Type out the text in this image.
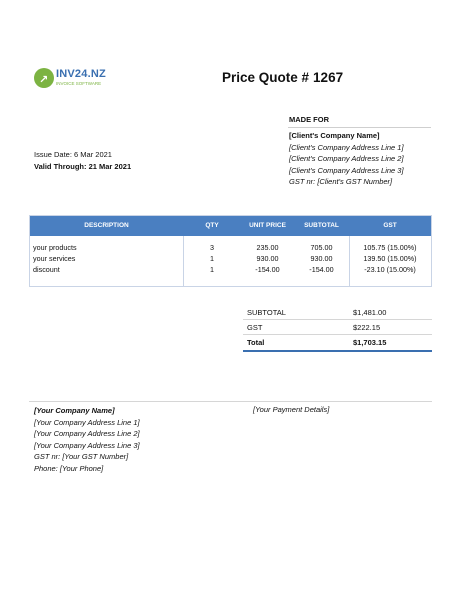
↗ INV24.NZ
INVOICE SOFTWARE	Price Quote # 1267
MADE FOR
[Client's Company Name]
[Client's Company Address Line 1]
[Client's Company Address Line 2]
[Client's Company Address Line 3]
GST nr: [Client's GST Number]
Issue Date: 6 Mar 2021
Valid Through: 21 Mar 2021
DESCRIPTION	QTY	UNIT PRICE	SUBTOTAL	GST
your products	3	235.00	705.00	105.75 (15.00%)
your services	1	930.00	930.00	139.50 (15.00%)
discount	1	-154.00	-154.00	-23.10 (15.00%)
SUBTOTAL	$1,481.00
GST	$222.15
Total	$1,703.15
[Your Company Name]
[Your Company Address Line 1]
[Your Company Address Line 2]
[Your Company Address Line 3]
GST nr: [Your GST Number]
Phone: [Your Phone]
[Your Payment Details]
